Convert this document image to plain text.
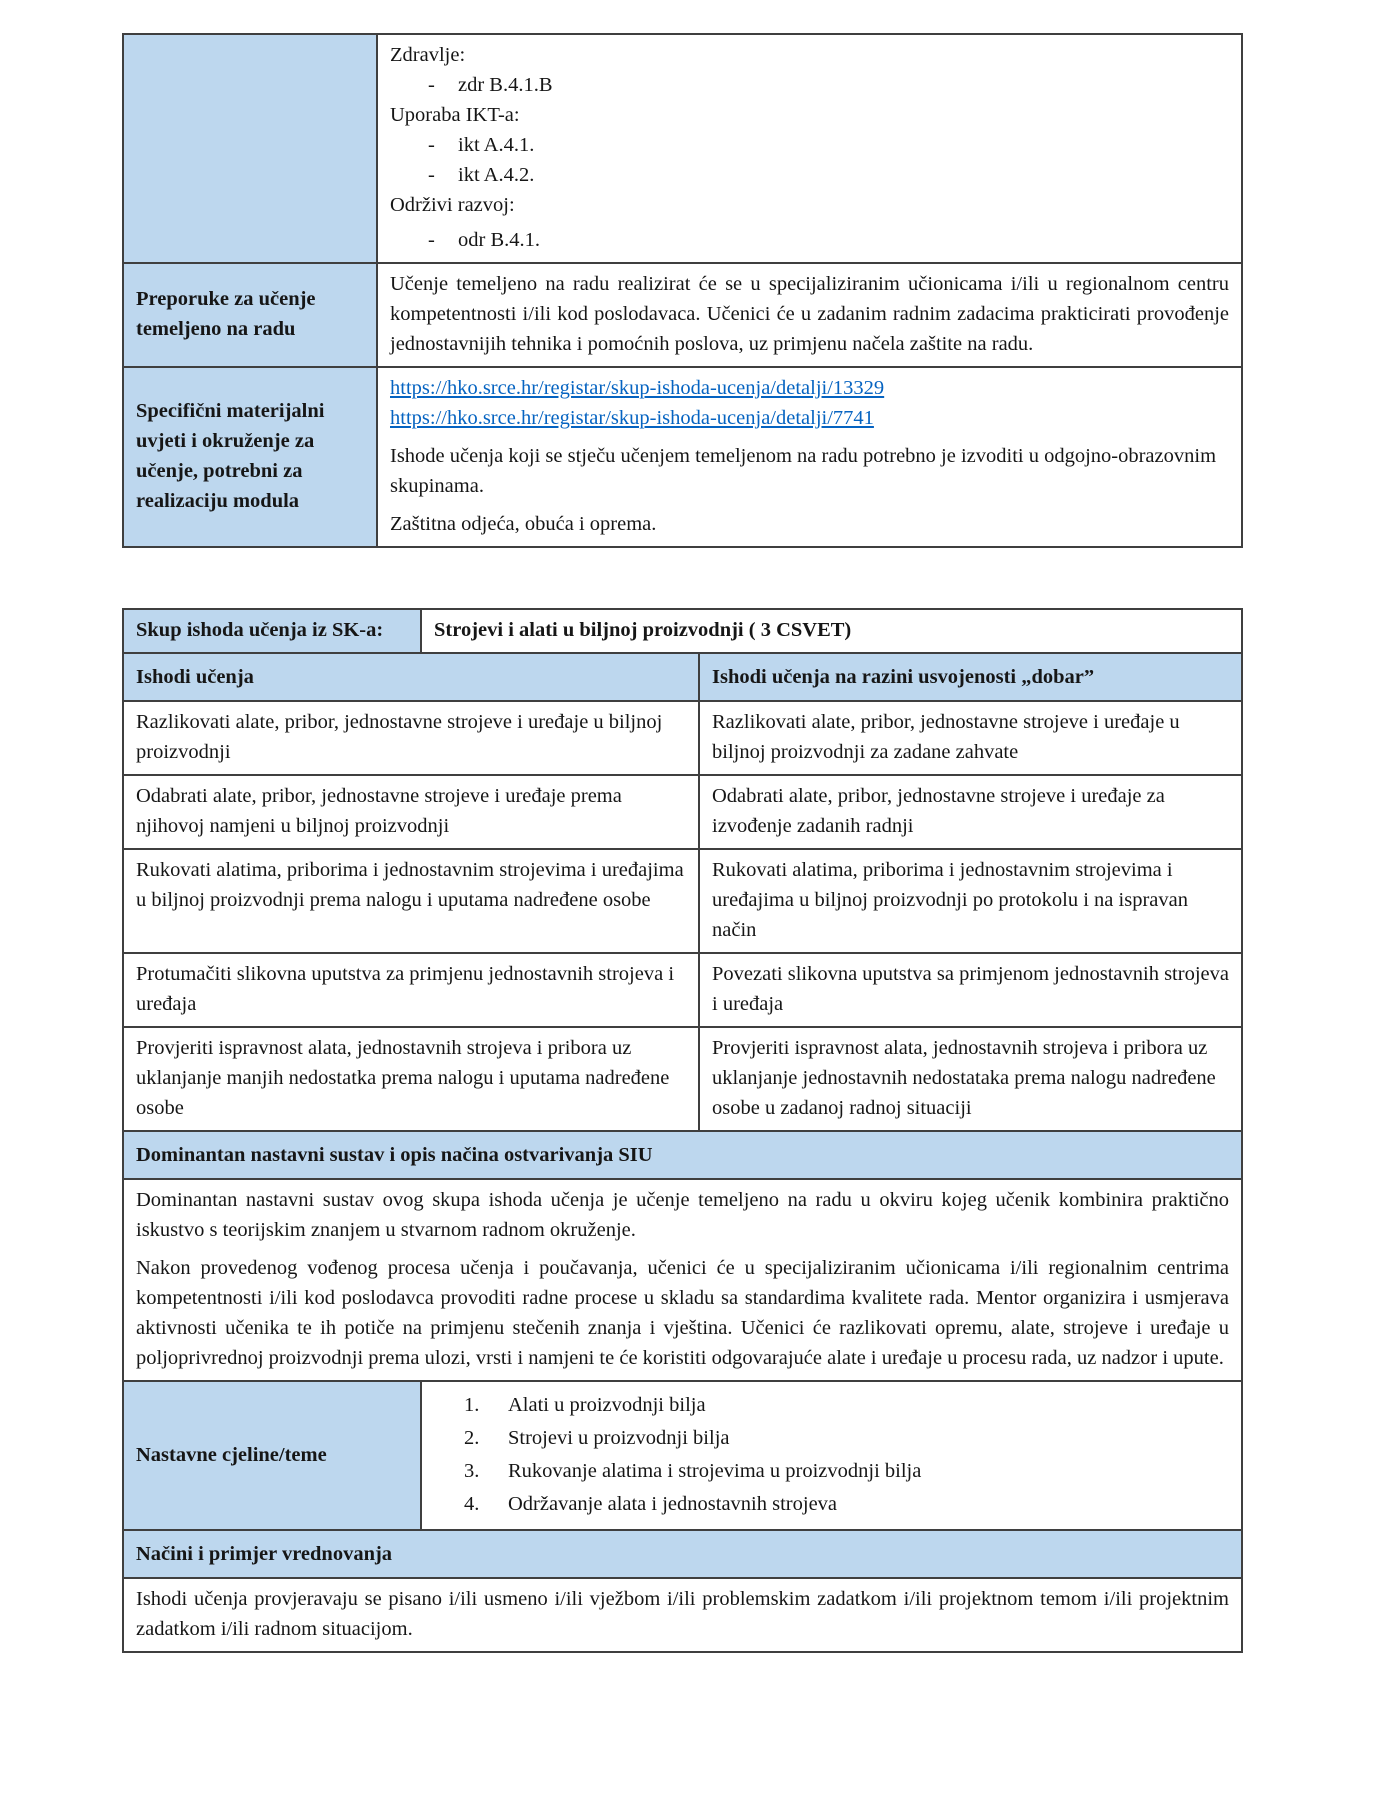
Zdravlje:
- zdr B.4.1.B
Uporaba IKT-a:
- ikt A.4.1.
- ikt A.4.2.
Održivi razvoj:
- odr B.4.1.
Preporuke za učenje temeljeno na radu
Učenje temeljeno na radu realizirat će se u specijaliziranim učionicama i/ili u regionalnom centru kompetentnosti i/ili kod poslodavaca. Učenici će u zadanim radnim zadacima prakticirati provođenje jednostavnijih tehnika i pomoćnih poslova, uz primjenu načela zaštite na radu.
Specifični materijalni uvjeti i okruženje za učenje, potrebni za realizaciju modula
https://hko.srce.hr/registar/skup-ishoda-ucenja/detalji/13329
https://hko.srce.hr/registar/skup-ishoda-ucenja/detalji/7741
Ishode učenja koji se stječu učenjem temeljenom na radu potrebno je izvoditi u odgojno-obrazovnim skupinama.
Zaštitna odjeća, obuća i oprema.
Skup ishoda učenja iz SK-a: Strojevi i alati u biljnoj proizvodnji ( 3 CSVET)
Ishodi učenja	Ishodi učenja na razini usvojenosti „dobar”
Razlikovati alate, pribor, jednostavne strojeve i uređaje u biljnoj proizvodnji
Razlikovati alate, pribor, jednostavne strojeve i uređaje u biljnoj proizvodnji za zadane zahvate
Odabrati alate, pribor, jednostavne strojeve i uređaje prema njihovoj namjeni u biljnoj proizvodnji
Odabrati alate, pribor, jednostavne strojeve i uređaje za izvođenje zadanih radnji
Rukovati alatima, priborima i jednostavnim strojevima i uređajima u biljnoj proizvodnji prema nalogu i uputama nadređene osobe
Rukovati alatima, priborima i jednostavnim strojevima i uređajima u biljnoj proizvodnji po protokolu i na ispravan način
Protumačiti slikovna uputstva za primjenu jednostavnih strojeva i uređaja
Povezati slikovna uputstva sa primjenom jednostavnih strojeva i uređaja
Provjeriti ispravnost alata, jednostavnih strojeva i pribora uz uklanjanje manjih nedostatka prema nalogu i uputama nadređene osobe
Provjeriti ispravnost alata, jednostavnih strojeva i pribora uz uklanjanje jednostavnih nedostataka prema nalogu nadređene osobe u zadanoj radnoj situaciji
Dominantan nastavni sustav i opis načina ostvarivanja SIU
Dominantan nastavni sustav ovog skupa ishoda učenja je učenje temeljeno na radu u okviru kojeg učenik kombinira praktično iskustvo s teorijskim znanjem u stvarnom radnom okruženje.
Nakon provedenog vođenog procesa učenja i poučavanja, učenici će u specijaliziranim učionicama i/ili regionalnim centrima kompetentnosti i/ili kod poslodavca provoditi radne procese u skladu sa standardima kvalitete rada. Mentor organizira i usmjerava aktivnosti učenika te ih potiče na primjenu stečenih znanja i vještina. Učenici će razlikovati opremu, alate, strojeve i uređaje u poljoprivrednoj proizvodnji prema ulozi, vrsti i namjeni te će koristiti odgovarajuće alate i uređaje u procesu rada, uz nadzor i upute.
Nastavne cjeline/teme
1. Alati u proizvodnji bilja
2. Strojevi u proizvodnji bilja
3. Rukovanje alatima i strojevima u proizvodnji bilja
4. Održavanje alata i jednostavnih strojeva
Načini i primjer vrednovanja
Ishodi učenja provjeravaju se pisano i/ili usmeno i/ili vježbom i/ili problemskim zadatkom i/ili projektnom temom i/ili projektnim zadatkom i/ili radnom situacijom.
